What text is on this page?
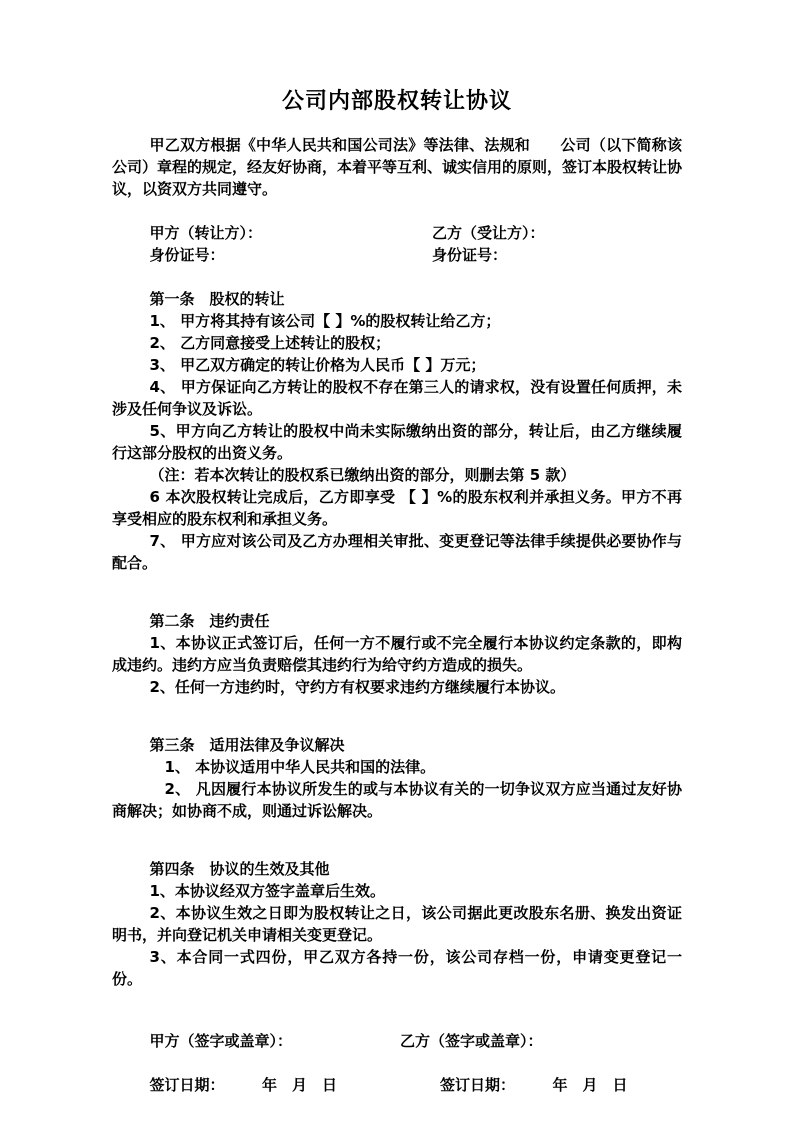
公司内部股权转让协议

甲乙双方根据《中华人民共和国公司法》等法律、法规和　　公司（以下简称该公司）章程的规定，经友好协商，本着平等互利、诚实信用的原则，签订本股权转让协议，以资双方共同遵守。

甲方（转让方）：	乙方（受让方）：
身份证号：	身份证号：

第一条　股权的转让

1、 甲方将其持有该公司【 】%的股权转让给乙方；

2、 乙方同意接受上述转让的股权；

3、 甲乙双方确定的转让价格为人民币【 】万元；

4、 甲方保证向乙方转让的股权不存在第三人的请求权，没有设置任何质押，未涉及任何争议及诉讼。

5、甲方向乙方转让的股权中尚未实际缴纳出资的部分，转让后，由乙方继续履行这部分股权的出资义务。

（注：若本次转让的股权系已缴纳出资的部分，则删去第 5 款）

6 本次股权转让完成后，乙方即享受 【 】%的股东权利并承担义务。甲方不再享受相应的股东权利和承担义务。

7、 甲方应对该公司及乙方办理相关审批、变更登记等法律手续提供必要协作与配合。

第二条　违约责任

1、本协议正式签订后，任何一方不履行或不完全履行本协议约定条款的，即构成违约。违约方应当负责赔偿其违约行为给守约方造成的损失。

2、任何一方违约时，守约方有权要求违约方继续履行本协议。

第三条　适用法律及争议解决

1、 本协议适用中华人民共和国的法律。

2、 凡因履行本协议所发生的或与本协议有关的一切争议双方应当通过友好协商解决；如协商不成，则通过诉讼解决。

第四条　协议的生效及其他

1、本协议经双方签字盖章后生效。

2、本协议生效之日即为股权转让之日，该公司据此更改股东名册、换发出资证明书，并向登记机关申请相关变更登记。

3、本合同一式四份，甲乙双方各持一份，该公司存档一份，申请变更登记一份。

甲方（签字或盖章）：	乙方（签字或盖章）：
签订日期：　　　年　月　日	签订日期：　　　年　月　日
